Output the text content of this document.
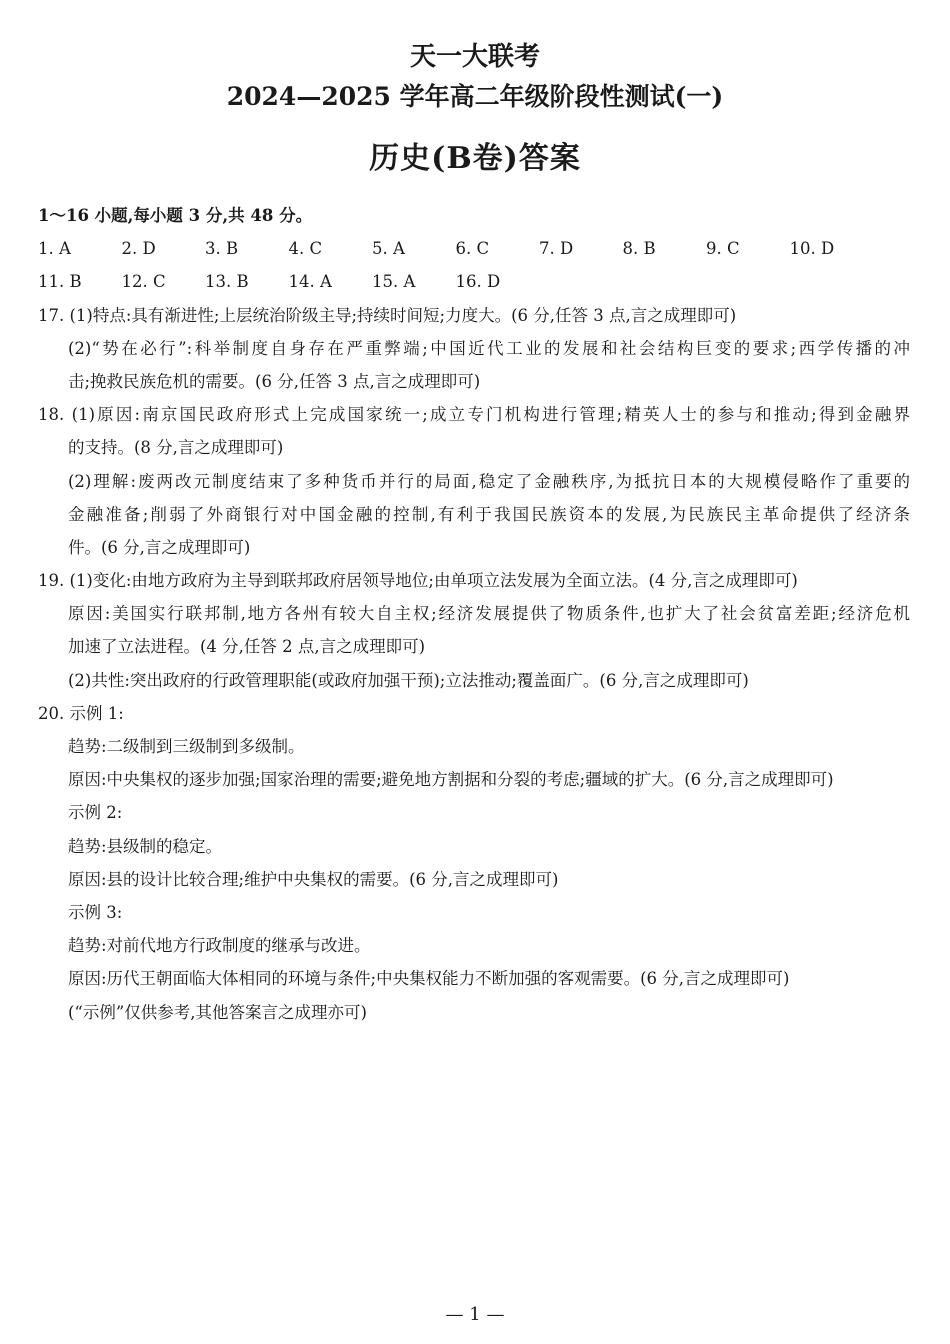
天一大联考
2024—2025 学年高二年级阶段性测试(一)
历史(B卷)答案
1～16 小题,每小题 3 分,共 48 分。
1. A	2. D	3. B	4. C	5. A	6. C	7. D	8. B	9. C	10. D
11. B	12. C	13. B	14. A	15. A	16. D
17. (1)特点:具有渐进性;上层统治阶级主导;持续时间短;力度大。(6 分,任答 3 点,言之成理即可)
(2)“势在必行”:科举制度自身存在严重弊端;中国近代工业的发展和社会结构巨变的要求;西学传播的冲
击;挽救民族危机的需要。(6 分,任答 3 点,言之成理即可)
18. (1)原因:南京国民政府形式上完成国家统一;成立专门机构进行管理;精英人士的参与和推动;得到金融界
的支持。(8 分,言之成理即可)
(2)理解:废两改元制度结束了多种货币并行的局面,稳定了金融秩序,为抵抗日本的大规模侵略作了重要的
金融准备;削弱了外商银行对中国金融的控制,有利于我国民族资本的发展,为民族民主革命提供了经济条
件。(6 分,言之成理即可)
19. (1)变化:由地方政府为主导到联邦政府居领导地位;由单项立法发展为全面立法。(4 分,言之成理即可)
原因:美国实行联邦制,地方各州有较大自主权;经济发展提供了物质条件,也扩大了社会贫富差距;经济危机
加速了立法进程。(4 分,任答 2 点,言之成理即可)
(2)共性:突出政府的行政管理职能(或政府加强干预);立法推动;覆盖面广。(6 分,言之成理即可)
20. 示例 1:
趋势:二级制到三级制到多级制。
原因:中央集权的逐步加强;国家治理的需要;避免地方割据和分裂的考虑;疆域的扩大。(6 分,言之成理即可)
示例 2:
趋势:县级制的稳定。
原因:县的设计比较合理;维护中央集权的需要。(6 分,言之成理即可)
示例 3:
趋势:对前代地方行政制度的继承与改进。
原因:历代王朝面临大体相同的环境与条件;中央集权能力不断加强的客观需要。(6 分,言之成理即可)
(“示例”仅供参考,其他答案言之成理亦可)
— 1 —
